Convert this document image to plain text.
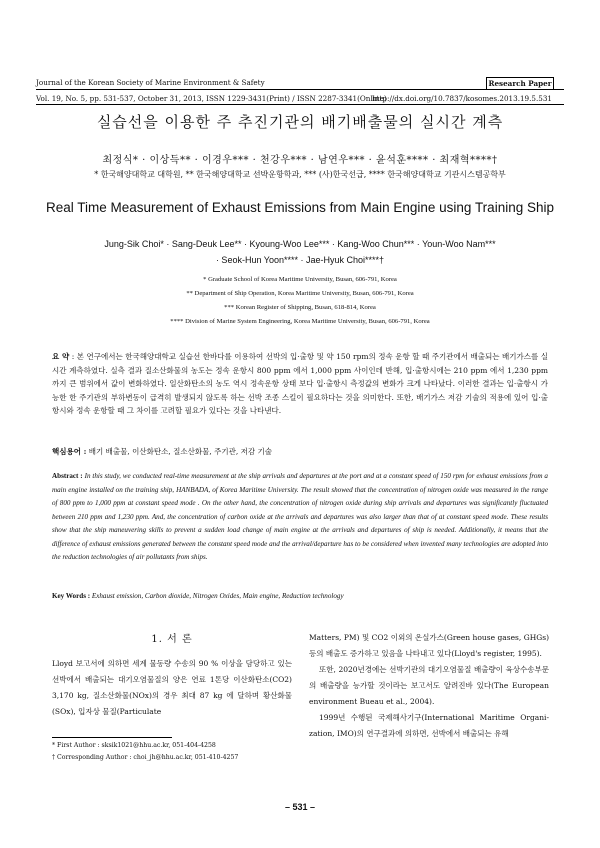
Journal of the Korean Society of Marine Environment & Safety	Research Paper
Vol. 19, No. 5, pp. 531-537, October 31, 2013, ISSN 1229-3431(Print) / ISSN 2287-3341(Online)
http://dx.doi.org/10.7837/kosomes.2013.19.5.531
실습선을 이용한 주 추진기관의 배기배출물의 실시간 계측
최정식* · 이상득** · 이경우*** · 천강우*** · 남연우*** · 윤석훈**** · 최재혁****†
* 한국해양대학교 대학원, ** 한국해양대학교 선박운항학과, *** (사)한국선급, **** 한국해양대학교 기관시스템공학부
Real Time Measurement of Exhaust Emissions from Main Engine using Training Ship
Jung-Sik Choi* · Sang-Deuk Lee** · Kyoung-Woo Lee*** · Kang-Woo Chun*** · Youn-Woo Nam***
· Seok-Hun Yoon**** · Jae-Hyuk Choi****†
* Graduate School of Korea Maritime University, Busan, 606-791, Korea
** Department of Ship Operation, Korea Maritime University, Busan, 606-791, Korea
*** Korean Register of Shipping, Busan, 618-814, Korea
**** Division of Marine System Engineering, Korea Maritime University, Busan, 606-791, Korea
요 약 : 본 연구에서는 한국해양대학교 실습선 한바다를 이용하여 선박의 입·출항 및 약 150 rpm의 정속 운항 할 때 주기관에서 배출되는 배기가스를 실시간 계측하였다. 실측 결과 질소산화물의 농도는 정속 운항시 800 ppm 에서 1,000 ppm 사이인데 반해, 입·출항시에는 210 ppm 에서 1,230 ppm 까지 큰 범위에서 값이 변화하였다. 일산화탄소의 농도 역시 정속운항 상태 보다 입·출항시 측정값의 변화가 크게 나타났다. 이러한 결과는 입·출항시 가능한 한 주기관의 부하변동이 급격히 발생되지 않도록 하는 선박 조종 스킬이 필요하다는 것을 의미한다. 또한, 배기가스 저감 기술의 적용에 있어 입·출항시와 정속 운항할 때 그 차이를 고려할 필요가 있다는 것을 나타낸다.
핵심용어 : 배기 배출물, 이산화탄소, 질소산화물, 주기관, 저감 기술
Abstract : In this study, we conducted real-time measurement at the ship arrivals and departures at the port and at a constant speed of 150 rpm for exhaust emissions from a main engine installed on the training ship, HANBADA, of Korea Maritime University. The result showed that the concentration of nitrogen oxide was measured in the range of 800 ppm to 1,000 ppm at constant speed mode . On the other hand, the concentration of nitrogen oxide during ship arrivals and departures was significantly fluctuated between 210 ppm and 1,230 ppm. And, the concentration of carbon oxide at the arrivals and departures was also larger than that of at constant speed mode. These results show that the ship maneuvering skills to prevent a sudden load change of main engine at the arrivals and departures of ship is needed. Additionally, it means that the difference of exhaust emissions generated between the constant speed mode and the arrival/departure has to be considered when invented many technologies are adopted into the reduction technologies of air pollutants from ships.
Key Words : Exhaust emission, Carbon dioxide, Nitrogen Oxides, Main engine, Reduction technology
1. 서 론
Lloyd 보고서에 의하면 세계 물동량 수송의 90 % 이상을 담당하고 있는 선박에서 배출되는 대기오염물질의 양은 연료 1톤당 이산화탄소(CO2) 3,170 kg, 질소산화물(NOx)의 경우 최대 87 kg 에 달하며 황산화물(SOx), 입자상 물질(Particulate
Matters, PM) 및 CO2 이외의 온실가스(Green house gases, GHGs) 등의 배출도 증가하고 있음을 나타내고 있다(Lloyd's register, 1995).
또한, 2020년경에는 선박기관의 대기오염물질 배출량이 육상수송부문의 배출량을 능가할 것이라는 보고서도 알려진바 있다(The European environment Bueau et al., 2004).
1999년 수행된 국제해사기구(International Maritime Organi-zation, IMO)의 연구결과에 의하면, 선박에서 배출되는 유해
* First Author : sksik1021@hhu.ac.kr, 051-404-4258
† Corresponding Author : choi_jh@hhu.ac.kr, 051-410-4257
– 531 –
